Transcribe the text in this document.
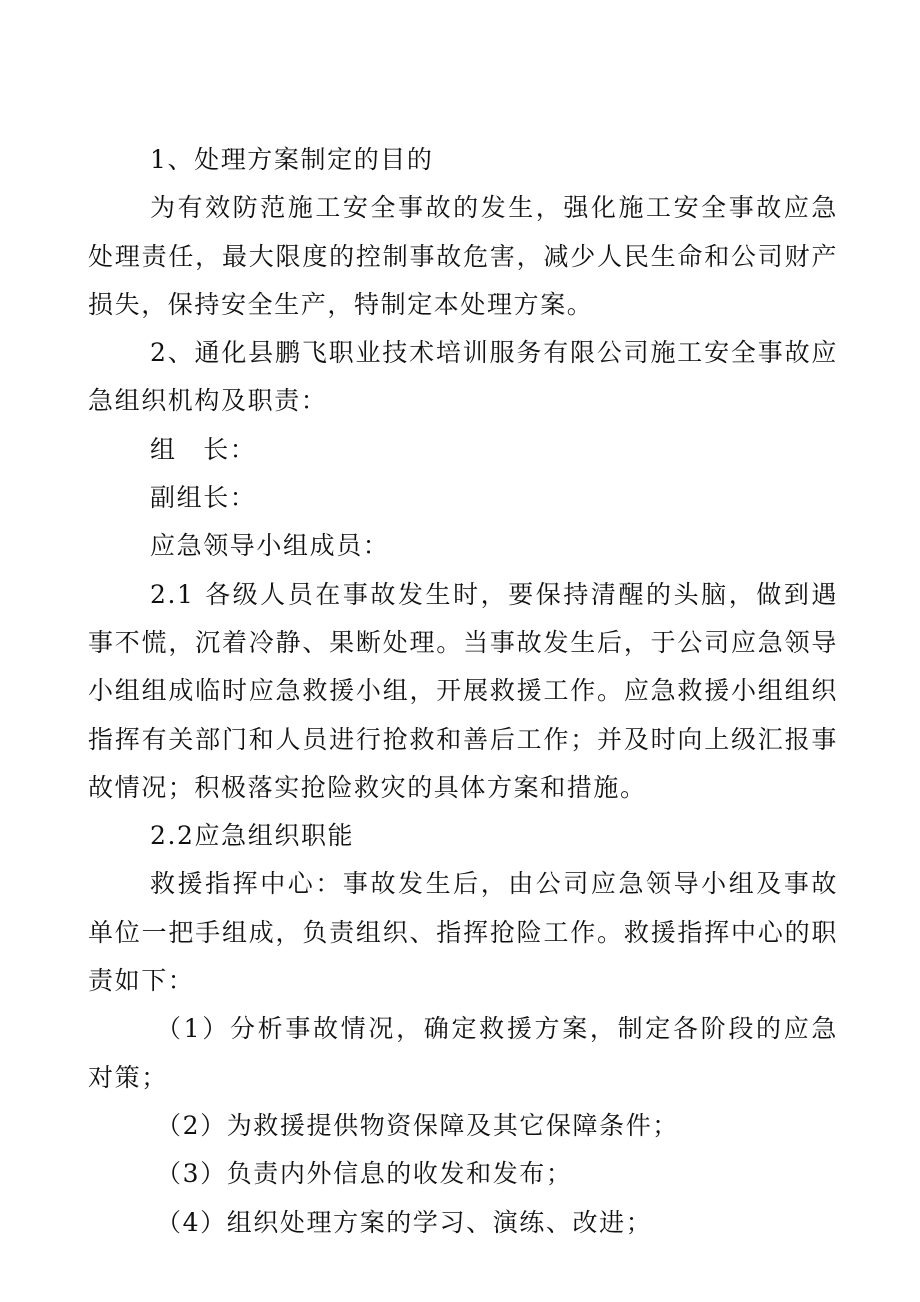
1、处理方案制定的目的

为有效防范施工安全事故的发生，强化施工安全事故应急处理责任，最大限度的控制事故危害，减少人民生命和公司财产损失，保持安全生产，特制定本处理方案。

2、通化县鹏飞职业技术培训服务有限公司施工安全事故应急组织机构及职责：

组　长：

副组长：

应急领导小组成员：

2.1 各级人员在事故发生时，要保持清醒的头脑，做到遇事不慌，沉着冷静、果断处理。当事故发生后，于公司应急领导小组组成临时应急救援小组，开展救援工作。应急救援小组组织指挥有关部门和人员进行抢救和善后工作；并及时向上级汇报事故情况；积极落实抢险救灾的具体方案和措施。

2.2应急组织职能

救援指挥中心：事故发生后，由公司应急领导小组及事故单位一把手组成，负责组织、指挥抢险工作。救援指挥中心的职责如下：

（1）分析事故情况，确定救援方案，制定各阶段的应急对策；

（2）为救援提供物资保障及其它保障条件；

（3）负责内外信息的收发和发布；

（4）组织处理方案的学习、演练、改进；
